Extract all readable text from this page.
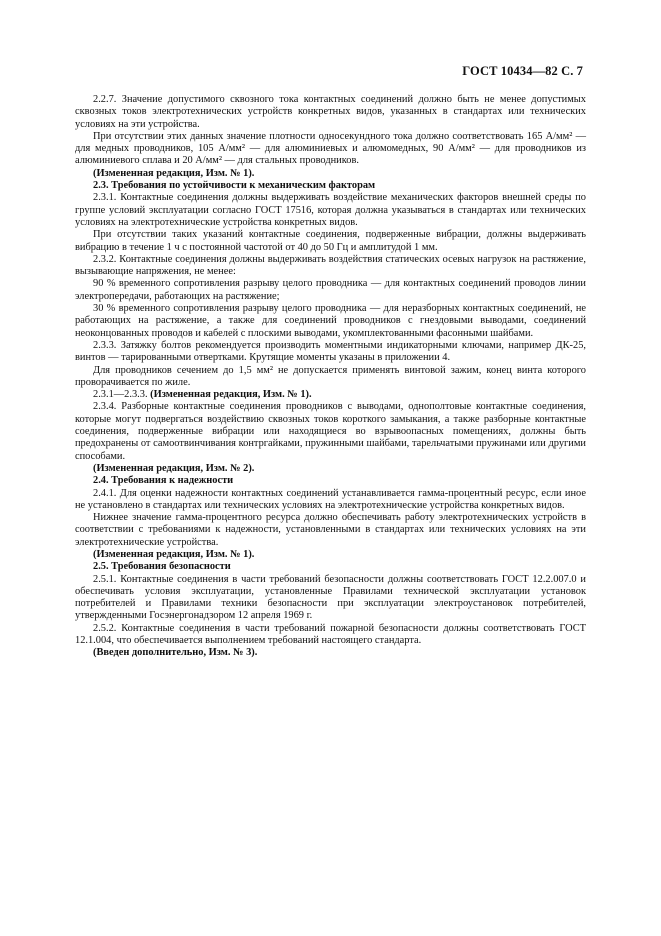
ГОСТ 10434—82 С. 7

2.2.7. Значение допустимого сквозного тока контактных соединений должно быть не менее допустимых сквозных токов электротехнических устройств конкретных видов, указанных в стандартах или технических условиях на эти устройства.

При отсутствии этих данных значение плотности односекундного тока должно соответствовать 165 А/мм² — для медных проводников, 105 А/мм² — для алюминиевых и алюмомедных, 90 А/мм² — для проводников из алюминиевого сплава и 20 А/мм² — для стальных проводников.

(Измененная редакция, Изм. № 1).

2.3. Требования по устойчивости к механическим факторам

2.3.1. Контактные соединения должны выдерживать воздействие механических факторов внешней среды по группе условий эксплуатации согласно ГОСТ 17516, которая должна указываться в стандартах или технических условиях на электротехнические устройства конкретных видов.

При отсутствии таких указаний контактные соединения, подверженные вибрации, должны выдерживать вибрацию в течение 1 ч с постоянной частотой от 40 до 50 Гц и амплитудой 1 мм.

2.3.2. Контактные соединения должны выдерживать воздействия статических осевых нагрузок на растяжение, вызывающие напряжения, не менее:

90 % временного сопротивления разрыву целого проводника — для контактных соединений проводов линии электропередачи, работающих на растяжение;

30 % временного сопротивления разрыву целого проводника — для неразборных контактных соединений, не работающих на растяжение, а также для соединений проводников с гнездовыми выводами, соединений неоконцованных проводов и кабелей с плоскими выводами, укомплектованными фасонными шайбами.

2.3.3. Затяжку болтов рекомендуется производить моментными индикаторными ключами, например ДК-25, винтов — тарированными отвертками. Крутящие моменты указаны в приложении 4.

Для проводников сечением до 1,5 мм² не допускается применять винтовой зажим, конец винта которого проворачивается по жиле.

2.3.1—2.3.3. (Измененная редакция, Изм. № 1).

2.3.4. Разборные контактные соединения проводников с выводами, однополтовые контактные соединения, которые могут подвергаться воздействию сквозных токов короткого замыкания, а также разборные контактные соединения, подверженные вибрации или находящиеся во взрывоопасных помещениях, должны быть предохранены от самоотвинчивания контргайками, пружинными шайбами, тарельчатыми пружинами или другими способами.

(Измененная редакция, Изм. № 2).

2.4. Требования к надежности

2.4.1. Для оценки надежности контактных соединений устанавливается гамма-процентный ресурс, если иное не установлено в стандартах или технических условиях на электротехнические устройства конкретных видов.

Нижнее значение гамма-процентного ресурса должно обеспечивать работу электротехнических устройств в соответствии с требованиями к надежности, установленными в стандартах или технических условиях на эти электротехнические устройства.

(Измененная редакция, Изм. № 1).

2.5. Требования безопасности

2.5.1. Контактные соединения в части требований безопасности должны соответствовать ГОСТ 12.2.007.0 и обеспечивать условия эксплуатации, установленные Правилами технической эксплуатации установок потребителей и Правилами техники безопасности при эксплуатации электроустановок потребителей, утвержденными Госэнергонадзором 12 апреля 1969 г.

2.5.2. Контактные соединения в части требований пожарной безопасности должны соответствовать ГОСТ 12.1.004, что обеспечивается выполнением требований настоящего стандарта.

(Введен дополнительно, Изм. № 3).
